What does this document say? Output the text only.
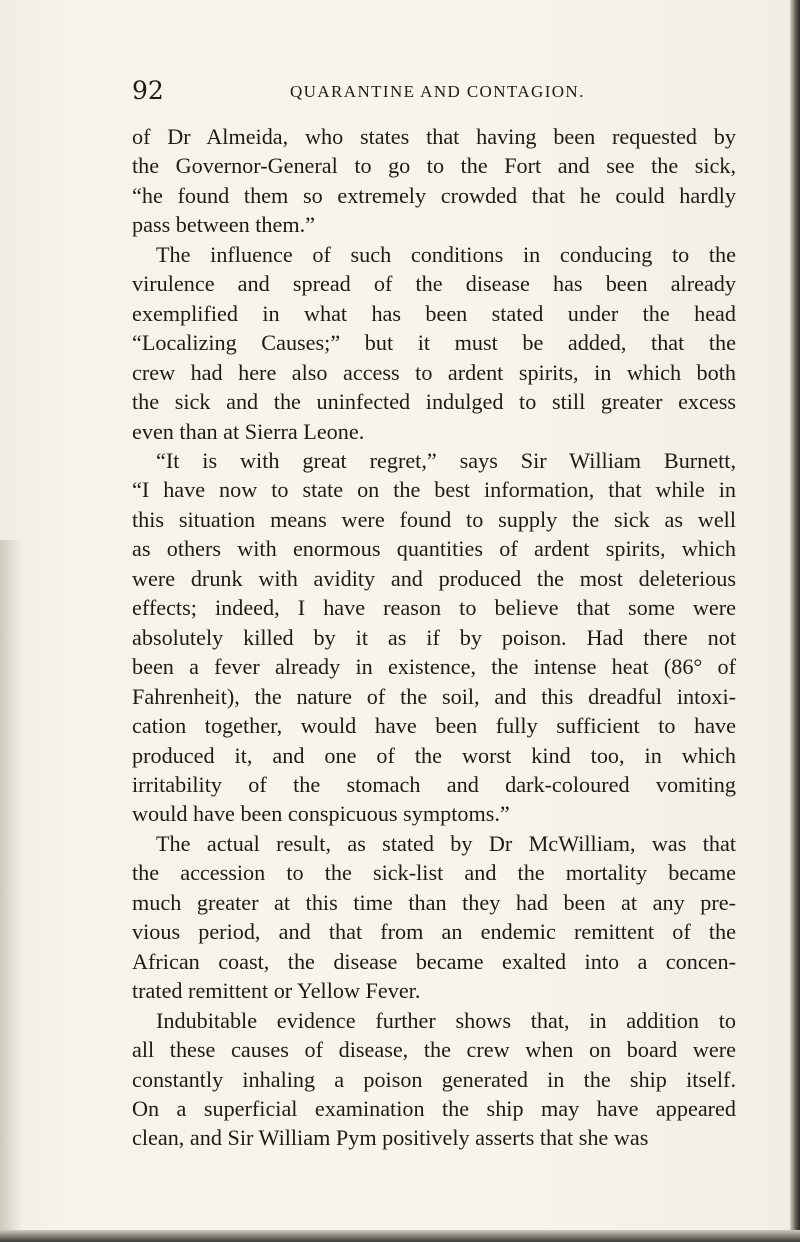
92	QUARANTINE AND CONTAGION.
of Dr Almeida, who states that having been requested by
the Governor-General to go to the Fort and see the sick,
“he found them so extremely crowded that he could hardly
pass between them.”
The influence of such conditions in conducing to the
virulence and spread of the disease has been already
exemplified in what has been stated under the head
“Localizing Causes;” but it must be added, that the
crew had here also access to ardent spirits, in which both
the sick and the uninfected indulged to still greater excess
even than at Sierra Leone.
“It is with great regret,” says Sir William Burnett,
“I have now to state on the best information, that while in
this situation means were found to supply the sick as well
as others with enormous quantities of ardent spirits, which
were drunk with avidity and produced the most deleterious
effects; indeed, I have reason to believe that some were
absolutely killed by it as if by poison. Had there not
been a fever already in existence, the intense heat (86° of
Fahrenheit), the nature of the soil, and this dreadful intoxi-
cation together, would have been fully sufficient to have
produced it, and one of the worst kind too, in which
irritability of the stomach and dark-coloured vomiting
would have been conspicuous symptoms.”
The actual result, as stated by Dr McWilliam, was that
the accession to the sick-list and the mortality became
much greater at this time than they had been at any pre-
vious period, and that from an endemic remittent of the
African coast, the disease became exalted into a concen-
trated remittent or Yellow Fever.
Indubitable evidence further shows that, in addition to
all these causes of disease, the crew when on board were
constantly inhaling a poison generated in the ship itself.
On a superficial examination the ship may have appeared
clean, and Sir William Pym positively asserts that she was
